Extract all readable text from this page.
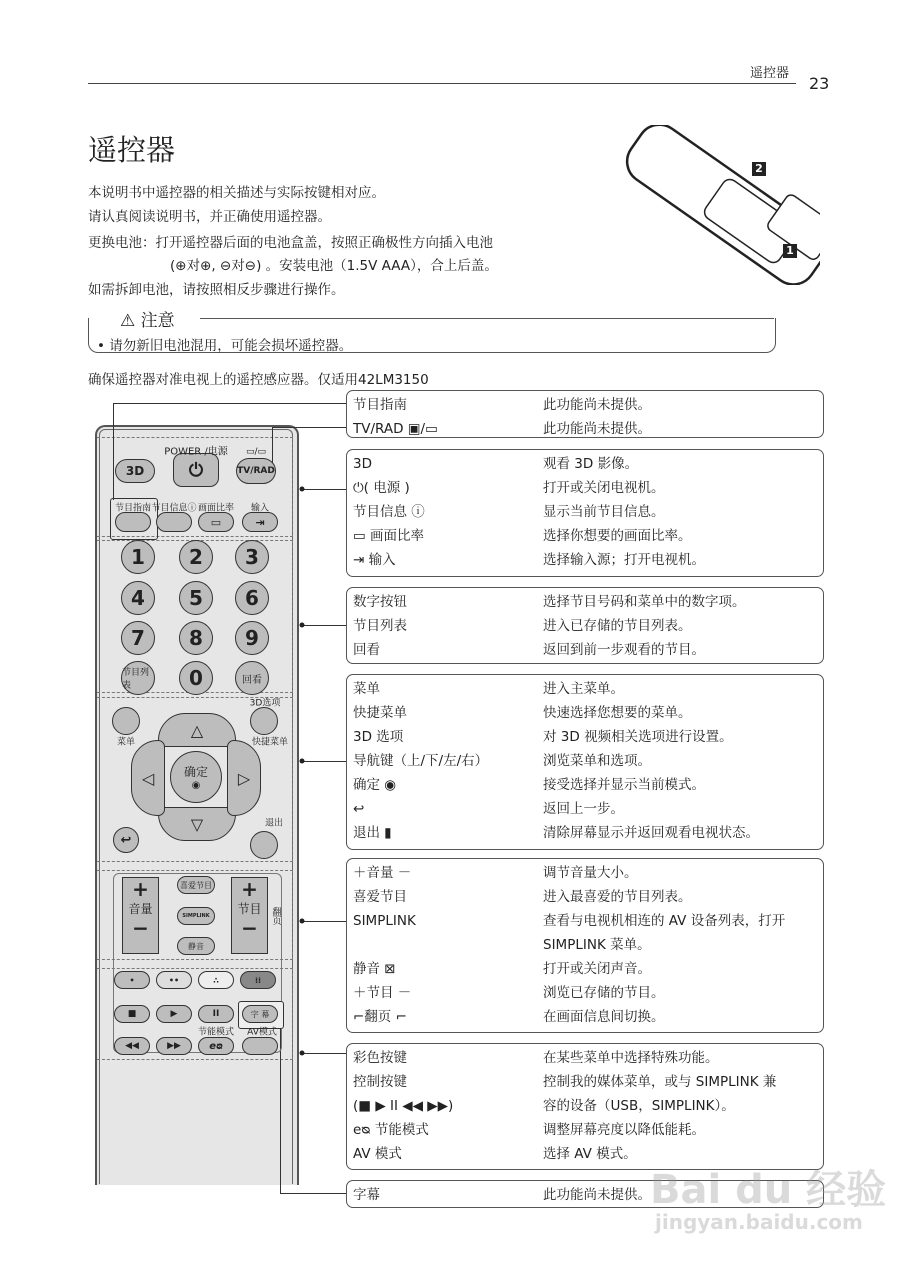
遥控器
23
遥控器
本说明书中遥控器的相关描述与实际按键相对应。
请认真阅读说明书，并正确使用遥控器。
更换电池：打开遥控器后面的电池盒盖，按照正确极性方向插入电池
(⊕对⊕, ⊖对⊖) 。安装电池（1.5V AAA），合上后盖。
如需拆卸电池，请按照相反步骤进行操作。
2
1
⚠ 注意
• 请勿新旧电池混用，可能会损坏遥控器。
确保遥控器对准电视上的遥控感应器。仅适用42LM3150
节目指南	此功能尚未提供。
TV/RAD ▣/▭	此功能尚未提供。
3D	观看 3D 影像。
⏻( 电源 )	打开或关闭电视机。
节目信息 ⓘ	显示当前节目信息。
▭ 画面比率	选择你想要的画面比率。
⇥ 输入	选择输入源；打开电视机。
数字按钮	选择节目号码和菜单中的数字项。
节目列表	进入已存储的节目列表。
回看	返回到前一步观看的节目。
菜单	进入主菜单。
快捷菜单	快速选择您想要的菜单。
3D 选项	对 3D 视频相关选项进行设置。
导航键（上/下/左/右）	浏览菜单和选项。
确定 ◉	接受选择并显示当前模式。
↩	返回上一步。
退出 ▮	清除屏幕显示并返回观看电视状态。
＋音量 －	调节音量大小。
喜爱节目	进入最喜爱的节目列表。
SIMPLINK	查看与电视机相连的 AV 设备列表，打开
SIMPLINK 菜单。
静音 ⊠	打开或关闭声音。
＋节目 －	浏览已存储的节目。
⌐翻页 ⌐	在画面信息间切换。
彩色按键	在某些菜单中选择特殊功能。
控制按键	控制我的媒体菜单，或与 SIMPLINK 兼
(■ ▶ II ◀◀ ▶▶)	容的设备（USB，SIMPLINK）。
eᴓ 节能模式	调整屏幕亮度以降低能耗。
AV 模式	选择 AV 模式。
字幕	此功能尚未提供。
POWER /电源 ▭/▭
3D	⏻	TV/RAD
节目指南 节目信息ⓘ 画面比率 输入
▭	⇥
1	2	3
4	5	6
7	8	9
节目列表	0	回看
3D选项
菜单	快捷菜单
△
▽
◁	▷
确定
◉
退出
↩
+
音量
−
+
节目
−
喜爱节目
SIMPLINK
静音
翻页
•	••	∴	⁞⁞
■	▶	II	字 幕
节能模式 AV模式
◀◀	▶▶	eᴓ
Bai du 经验
jingyan.baidu.com
